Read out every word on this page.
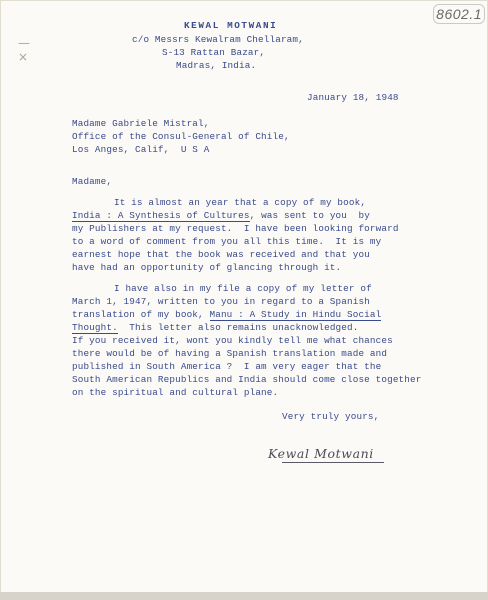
8602.1
—×

KEWAL MOTWANI

c/o Messrs Kewalram Chellaram,

S-13 Rattan Bazar,

Madras, India.

January 18, 1948

Madame Gabriele Mistral,

Office of the Consul-General of Chile,

Los Anges, Calif,  U S A

Madame,

It is almost an year that a copy of my book,

India : A Synthesis of Cultures, was sent to you  by

my Publishers at my request.  I have been looking forward

to a word of comment from you all this time.  It is my

earnest hope that the book was received and that you

have had an opportunity of glancing through it.

I have also in my file a copy of my letter of

March 1, 1947, written to you in regard to a Spanish

translation of my book, Manu : A Study in Hindu Social

Thought.  This letter also remains unacknowledged.

If you received it, wont you kindly tell me what chances

there would be of having a Spanish translation made and

published in South America ?  I am very eager that the

South American Republics and India should come close together

on the spiritual and cultural plane.

Very truly yours,

Kewal Motwani
